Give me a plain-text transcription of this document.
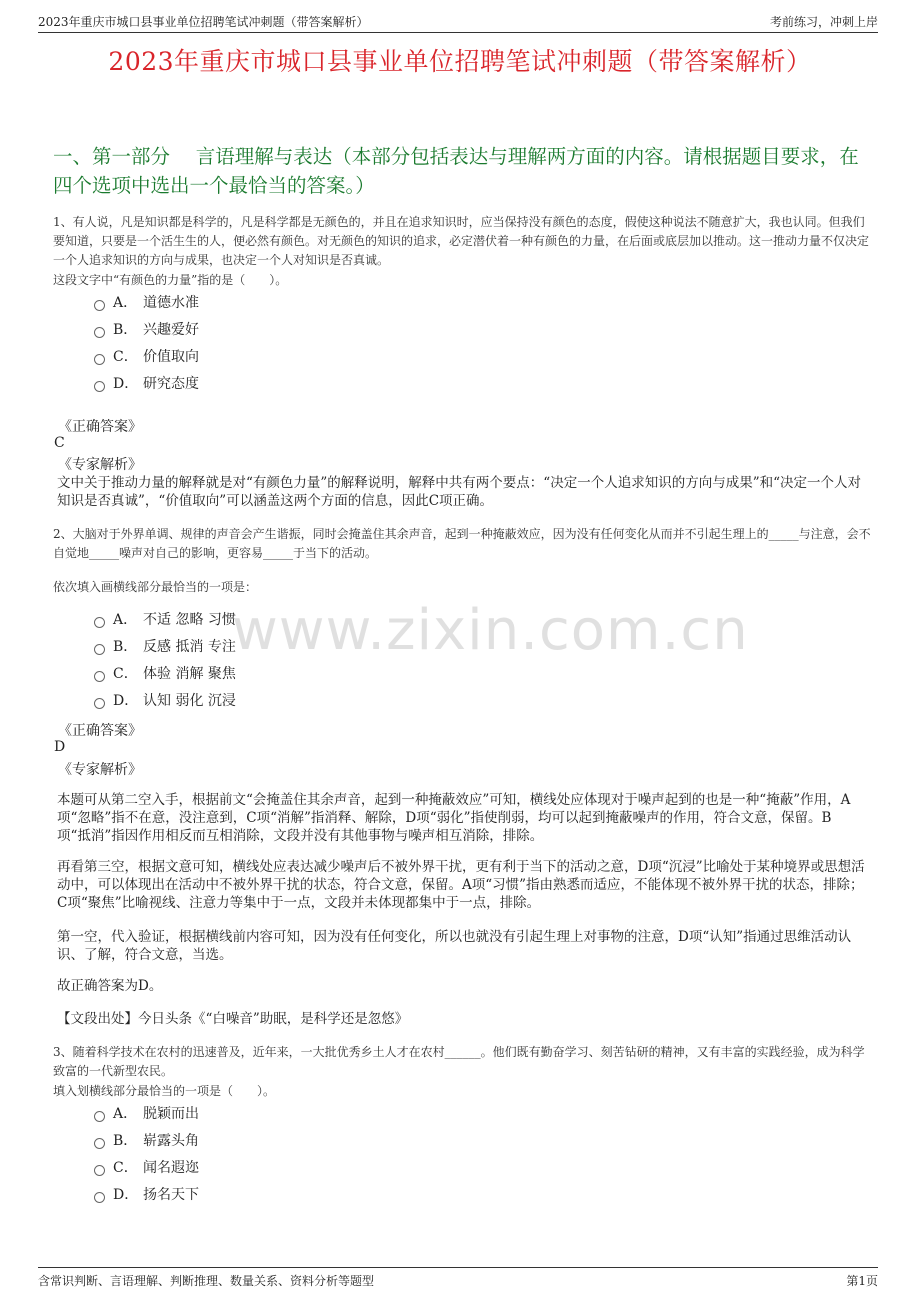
2023年重庆市城口县事业单位招聘笔试冲刺题（带答案解析）	考前练习，冲刺上岸
2023年重庆市城口县事业单位招聘笔试冲刺题（带答案解析）
一、第一部分　 言语理解与表达（本部分包括表达与理解两方面的内容。请根据题目要求，在四个选项中选出一个最恰当的答案。）
1、有人说，凡是知识都是科学的，凡是科学都是无颜色的，并且在追求知识时，应当保持没有颜色的态度，假使这种说法不随意扩大，我也认同。但我们要知道，只要是一个活生生的人，便必然有颜色。对无颜色的知识的追求，必定潜伏着一种有颜色的力量，在后面或底层加以推动。这一推动力量不仅决定一个人追求知识的方向与成果，也决定一个人对知识是否真诚。
这段文字中“有颜色的力量”指的是（　　）。
A． 道德水准
B． 兴趣爱好
C． 价值取向
D． 研究态度
《正确答案》
C
《专家解析》
文中关于推动力量的解释就是对“有颜色力量”的解释说明，解释中共有两个要点：“决定一个人追求知识的方向与成果”和“决定一个人对知识是否真诚”，“价值取向”可以涵盖这两个方面的信息，因此C项正确。
2、大脑对于外界单调、规律的声音会产生谐振，同时会掩盖住其余声音，起到一种掩蔽效应，因为没有任何变化从而并不引起生理上的_____与注意，会不自觉地_____噪声对自己的影响，更容易_____于当下的活动。
依次填入画横线部分最恰当的一项是：
www.zixin.com.cn
A． 不适 忽略 习惯
B． 反感 抵消 专注
C． 体验 消解 聚焦
D． 认知 弱化 沉浸
《正确答案》
D
《专家解析》
本题可从第二空入手，根据前文“会掩盖住其余声音，起到一种掩蔽效应”可知，横线处应体现对于噪声起到的也是一种“掩蔽”作用，A项“忽略”指不在意，没注意到，C项“消解”指消释、解除，D项“弱化”指使削弱，均可以起到掩蔽噪声的作用，符合文意，保留。B项“抵消”指因作用相反而互相消除，文段并没有其他事物与噪声相互消除，排除。
再看第三空，根据文意可知，横线处应表达减少噪声后不被外界干扰，更有利于当下的活动之意，D项“沉浸”比喻处于某种境界或思想活动中，可以体现出在活动中不被外界干扰的状态，符合文意，保留。A项“习惯”指由熟悉而适应，不能体现不被外界干扰的状态，排除；C项“聚焦”比喻视线、注意力等集中于一点，文段并未体现都集中于一点，排除。
第一空，代入验证，根据横线前内容可知，因为没有任何变化，所以也就没有引起生理上对事物的注意，D项“认知”指通过思维活动认识、了解，符合文意，当选。
故正确答案为D。
【文段出处】今日头条《“白噪音”助眠，是科学还是忽悠》
3、随着科学技术在农村的迅速普及，近年来，一大批优秀乡土人才在农村______。他们既有勤奋学习、刻苦钻研的精神，又有丰富的实践经验，成为科学致富的一代新型农民。
填入划横线部分最恰当的一项是（　　）。
A． 脱颖而出
B． 崭露头角
C． 闻名遐迩
D． 扬名天下
含常识判断、言语理解、判断推理、数量关系、资料分析等题型	第1页
